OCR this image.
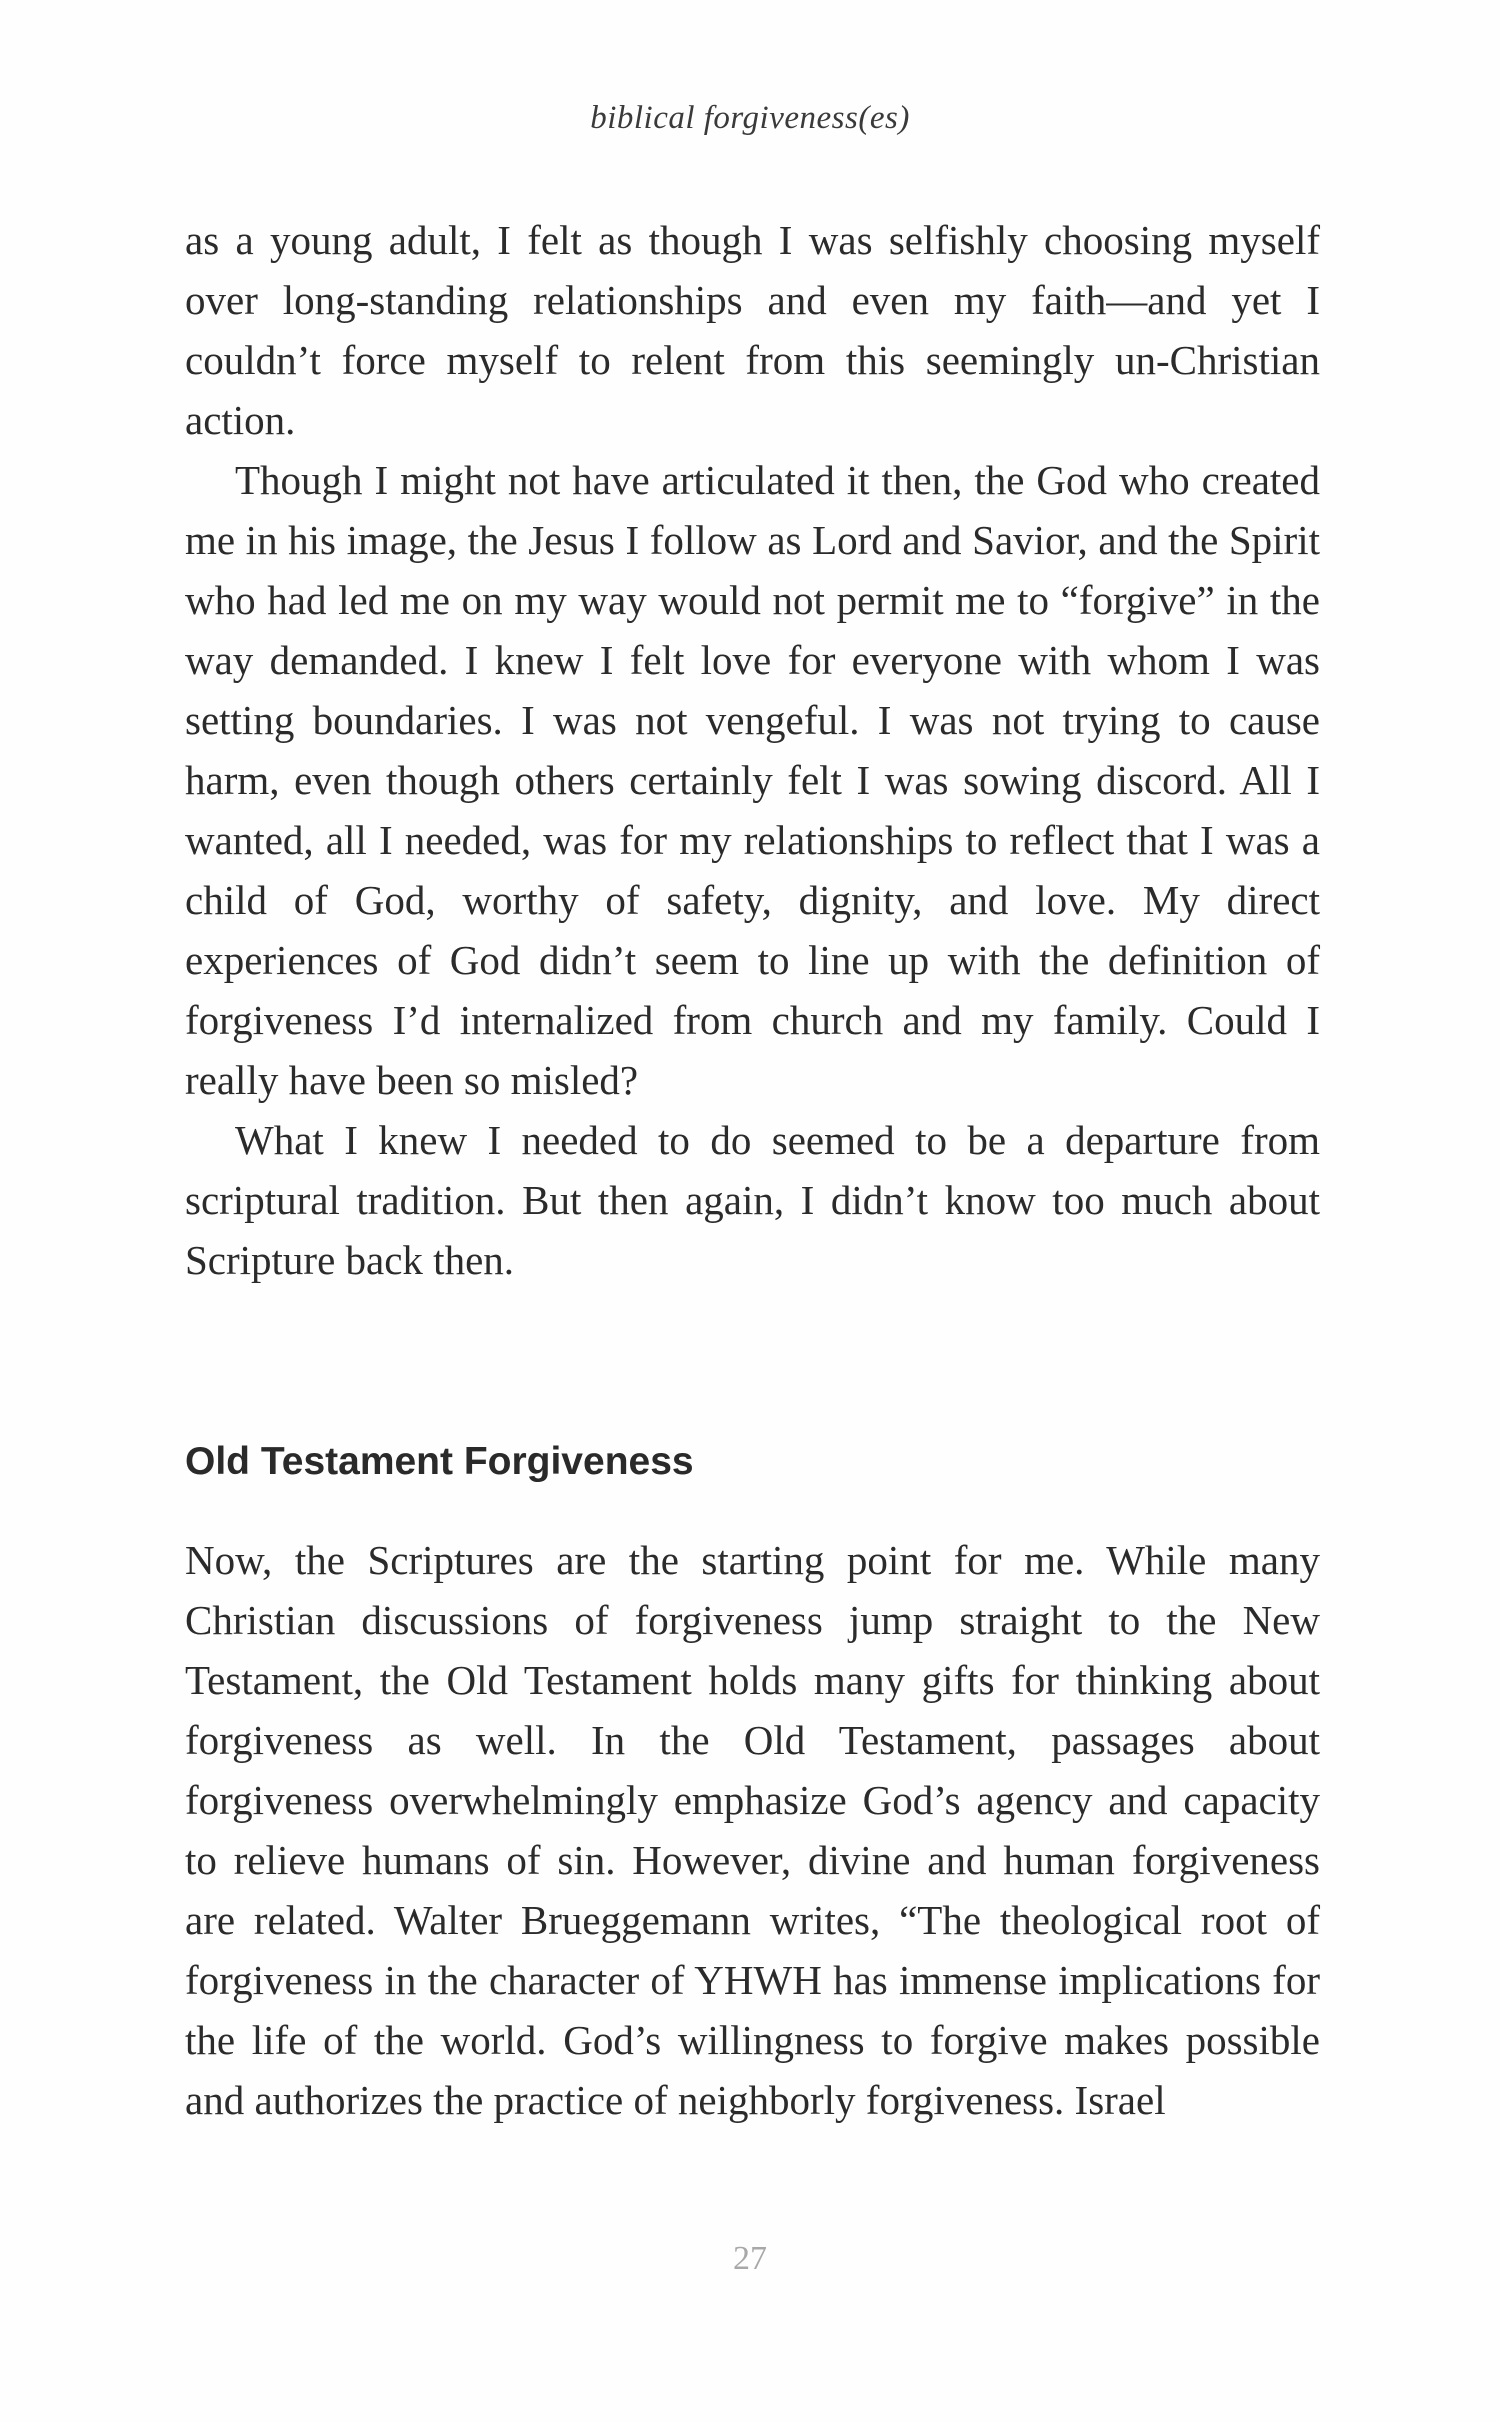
biblical forgiveness(es)

as a young adult, I felt as though I was selfishly choosing myself over long-standing relationships and even my faith—and yet I couldn’t force myself to relent from this seemingly un-Christian action.

Though I might not have articulated it then, the God who created me in his image, the Jesus I follow as Lord and Savior, and the Spirit who had led me on my way would not permit me to “forgive” in the way demanded. I knew I felt love for everyone with whom I was setting boundaries. I was not vengeful. I was not trying to cause harm, even though others certainly felt I was sowing discord. All I wanted, all I needed, was for my relationships to reflect that I was a child of God, worthy of safety, dignity, and love. My direct experiences of God didn’t seem to line up with the definition of forgiveness I’d internalized from church and my family. Could I really have been so misled?

What I knew I needed to do seemed to be a departure from scriptural tradition. But then again, I didn’t know too much about Scripture back then.

Old Testament Forgiveness

Now, the Scriptures are the starting point for me. While many Christian discussions of forgiveness jump straight to the New Testament, the Old Testament holds many gifts for thinking about forgiveness as well. In the Old Testament, passages about forgiveness overwhelmingly emphasize God’s agency and capacity to relieve humans of sin. However, divine and human forgiveness are related. Walter Brueggemann writes, “The theological root of forgiveness in the character of YHWH has immense implications for the life of the world. God’s willingness to forgive makes possible and authorizes the practice of neighborly forgiveness. Israel

27
